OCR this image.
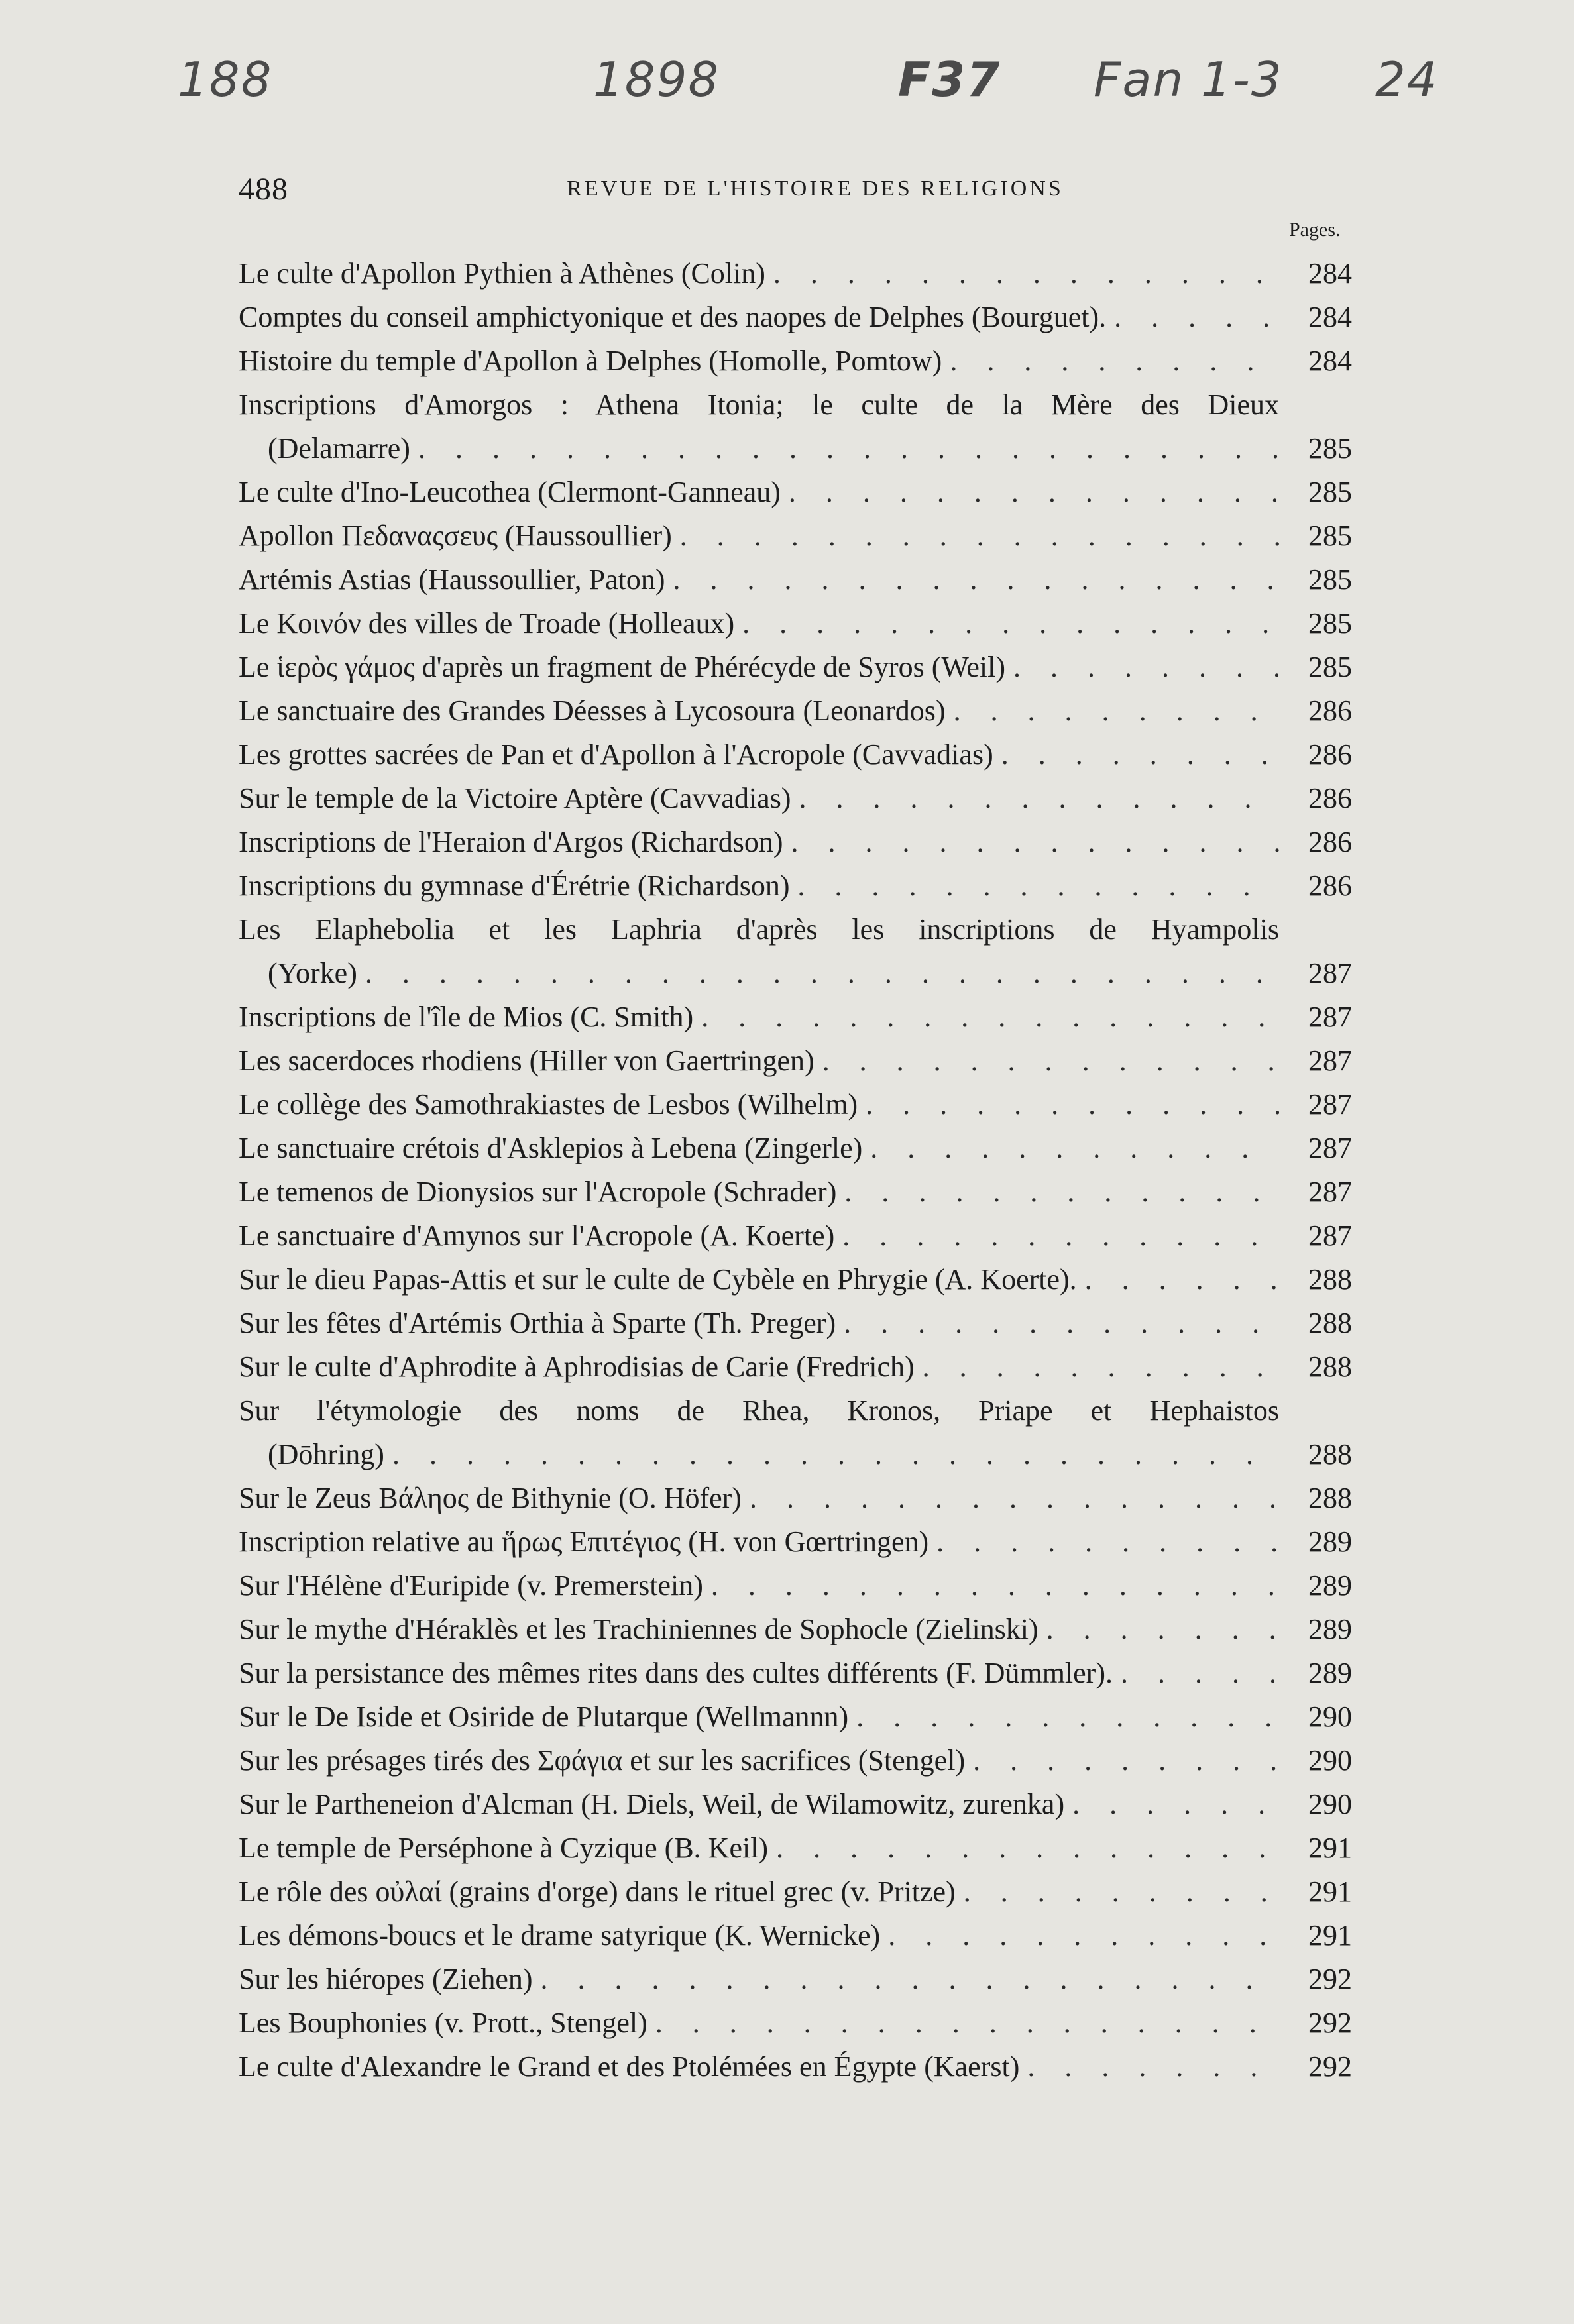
188	1898	F37 Fan 1-3 24
488	REVUE DE L'HISTOIRE DES RELIGIONS
Pages.
Le culte d'Apollon Pythien à Athènes (Colin) . . .	284
Comptes du conseil amphictyonique et des naopes de Delphes (Bourguet). . . .	284
Histoire du temple d'Apollon à Delphes (Homolle, Pomtow) . . .	284
Inscriptions d'Amorgos : Athena Itonia; le culte de la Mère des Dieux
(Delamarre) . . .	285
Le culte d'Ino-Leucothea (Clermont-Ganneau) . . .	285
Apollon Πεδαναςσευς (Haussoullier) . . .	285
Artémis Astias (Haussoullier, Paton) . . .	285
Le Κοινόν des villes de Troade (Holleaux) . . .	285
Le ἱερὸς γάμος d'après un fragment de Phérécyde de Syros (Weil) . . .	285
Le sanctuaire des Grandes Déesses à Lycosoura (Leonardos) . . .	286
Les grottes sacrées de Pan et d'Apollon à l'Acropole (Cavvadias) . . .	286
Sur le temple de la Victoire Aptère (Cavvadias) . . .	286
Inscriptions de l'Heraion d'Argos (Richardson) . . .	286
Inscriptions du gymnase d'Érétrie (Richardson) . . .	286
Les Elaphebolia et les Laphria d'après les inscriptions de Hyampolis
(Yorke) . . .	287
Inscriptions de l'île de Mios (C. Smith) . . .	287
Les sacerdoces rhodiens (Hiller von Gaertringen) . . .	287
Le collège des Samothrakiastes de Lesbos (Wilhelm) . . .	287
Le sanctuaire crétois d'Asklepios à Lebena (Zingerle) . . .	287
Le temenos de Dionysios sur l'Acropole (Schrader) . . .	287
Le sanctuaire d'Amynos sur l'Acropole (A. Koerte) . . .	287
Sur le dieu Papas-Attis et sur le culte de Cybèle en Phrygie (A. Koerte). . . .	288
Sur les fêtes d'Artémis Orthia à Sparte (Th. Preger) . . .	288
Sur le culte d'Aphrodite à Aphrodisias de Carie (Fredrich) . . .	288
Sur l'étymologie des noms de Rhea, Kronos, Priape et Hephaistos
(Dōhring) . . .	288
Sur le Zeus Βάληος de Bithynie (O. Höfer) . . .	288
Inscription relative au ἥρως Επιτέγιος (H. von Gœrtringen) . . .	289
Sur l'Hélène d'Euripide (v. Premerstein) . . .	289
Sur le mythe d'Héraklès et les Trachiniennes de Sophocle (Zielinski) . . .	289
Sur la persistance des mêmes rites dans des cultes différents (F. Dümmler). . . .	289
Sur le De Iside et Osiride de Plutarque (Wellmannn) . . .	290
Sur les présages tirés des Σφάγια et sur les sacrifices (Stengel) . . .	290
Sur le Partheneion d'Alcman (H. Diels, Weil, de Wilamowitz, zurenka) . . .	290
Le temple de Perséphone à Cyzique (B. Keil) . . .	291
Le rôle des οὐλαί (grains d'orge) dans le rituel grec (v. Pritze) . . .	291
Les démons-boucs et le drame satyrique (K. Wernicke) . . .	291
Sur les hiéropes (Ziehen) . . .	292
Les Bouphonies (v. Prott., Stengel) . . .	292
Le culte d'Alexandre le Grand et des Ptolémées en Égypte (Kaerst) . . .	292
